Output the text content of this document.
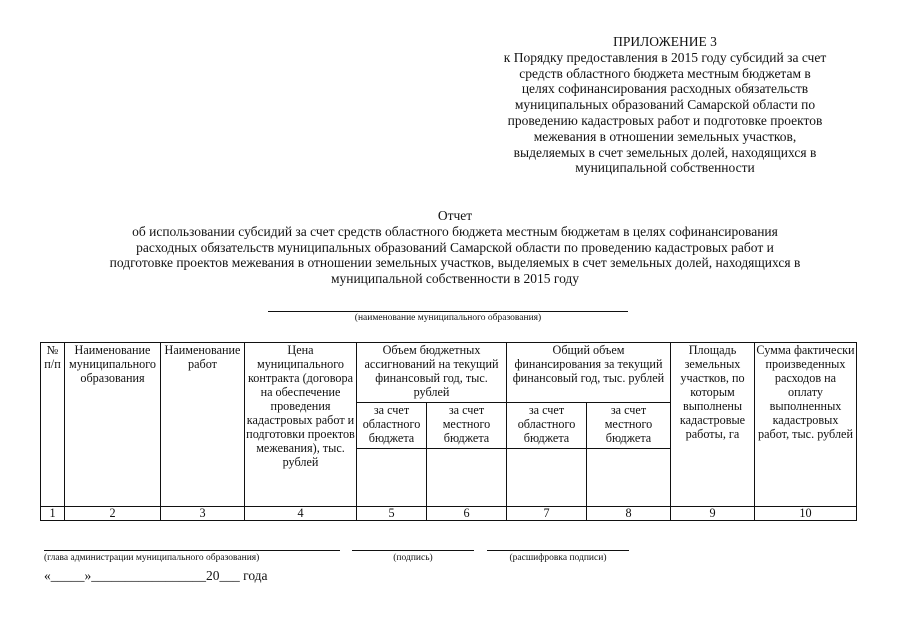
ПРИЛОЖЕНИЕ 3
к Порядку предоставления в 2015 году субсидий за счет
средств областного бюджета местным бюджетам в
целях софинансирования расходных обязательств
муниципальных образований Самарской области по
проведению кадастровых работ и подготовке проектов
межевания в отношении земельных участков,
выделяемых в счет земельных долей, находящихся в
муниципальной собственности
Отчет
об использовании субсидий за счет средств областного бюджета местным бюджетам в целях софинансирования
расходных обязательств муниципальных образований Самарской области по проведению кадастровых работ и
подготовке проектов межевания в отношении земельных участков, выделяемых в счет земельных долей, находящихся в
муниципальной собственности в 2015 году
(наименование муниципального образования)
№ п/п	Наименование муниципального образования	Наименование работ	Цена муниципального контракта (договора на обеспечение проведения кадастровых работ и подготовки проектов межевания), тыс. рублей	Объем бюджетных ассигнований на текущий финансовый год, тыс. рублей		Общий объем финансирования за текущий финансовый год, тыс. рублей		Площадь земельных участков, по которым выполнены кадастровые работы, га	Сумма фактически произведенных расходов на оплату выполненных кадастровых работ, тыс. рублей
				за счет областного бюджета	за счет местного бюджета	за счет областного бюджета	за счет местного бюджета		

1	2	3	4	5	6	7	8	9	10
(глава администрации муниципального образования)	(подпись)	(расшифровка подписи)
«_____»_________________20___ года
